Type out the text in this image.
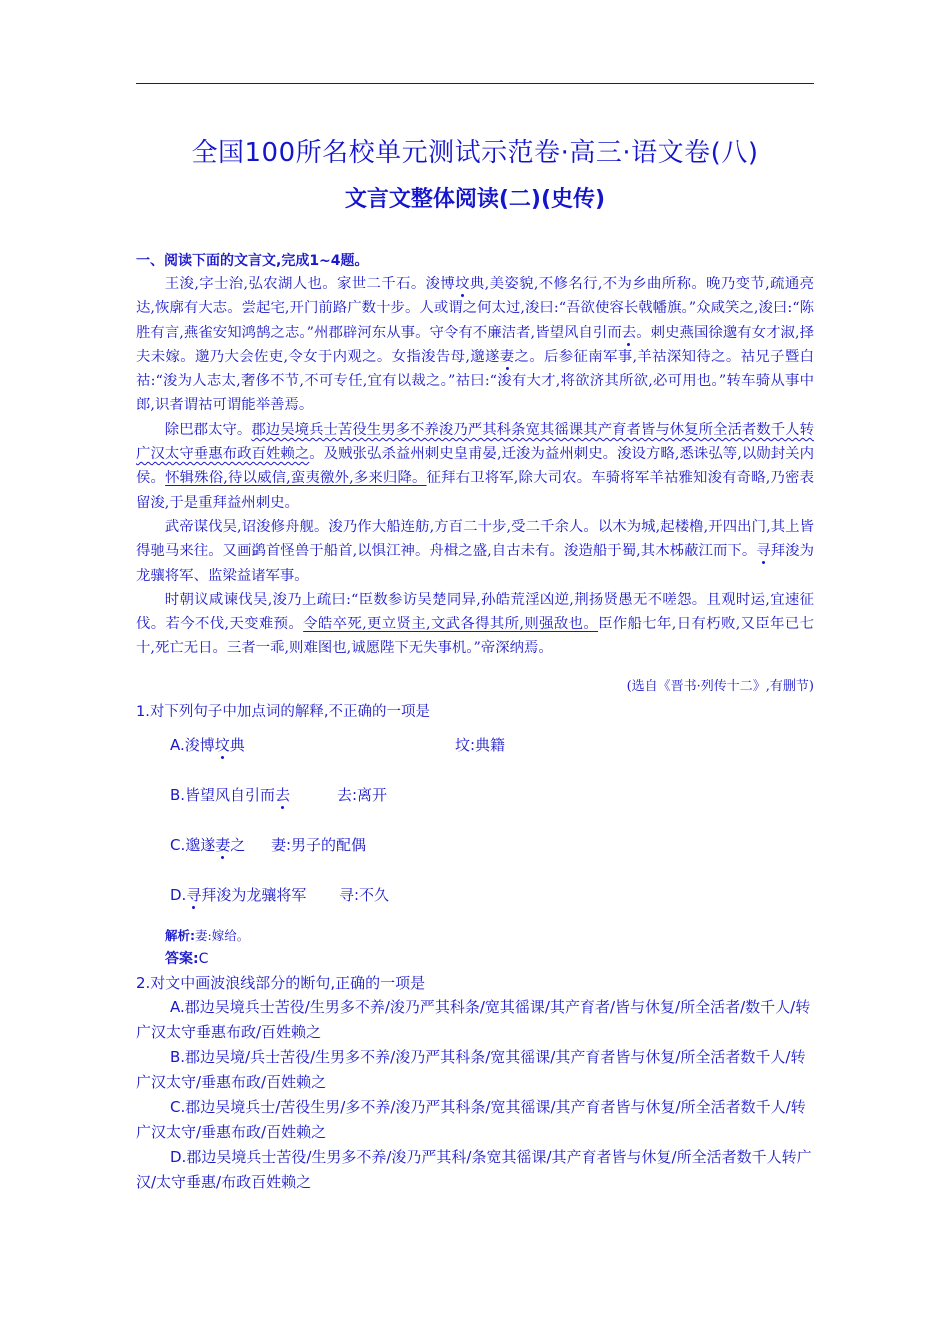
全国100所名校单元测试示范卷·高三·语文卷(八)
文言文整体阅读(二)(史传)
一、阅读下面的文言文,完成1~4题。

王浚,字士治,弘农湖人也。家世二千石。浚博坟典,美姿貌,不修名行,不为乡曲所称。晚乃变节,疏通亮达,恢廓有大志。尝起宅,开门前路广数十步。人或谓之何太过,浚曰:“吾欲使容长戟幡旗。”众咸笑之,浚曰:“陈胜有言,燕雀安知鸿鹄之志。”州郡辟河东从事。守令有不廉洁者,皆望风自引而去。刺史燕国徐邈有女才淑,择夫未嫁。邈乃大会佐吏,令女于内观之。女指浚告母,邈遂妻之。后参征南军事,羊祜深知待之。祜兄子暨白祜:“浚为人志太,奢侈不节,不可专任,宜有以裁之。”祜曰:“浚有大才,将欲济其所欲,必可用也。”转车骑从事中郎,识者谓祜可谓能举善焉。

除巴郡太守。郡边吴境兵士苦役生男多不养浚乃严其科条宽其徭课其产育者皆与休复所全活者数千人转广汉太守垂惠布政百姓赖之。及贼张弘杀益州刺史皇甫晏,迁浚为益州刺史。浚设方略,悉诛弘等,以勋封关内侯。怀辑殊俗,待以威信,蛮夷徼外,多来归降。征拜右卫将军,除大司农。车骑将军羊祜雅知浚有奇略,乃密表留浚,于是重拜益州刺史。

武帝谋伐吴,诏浚修舟舰。浚乃作大船连舫,方百二十步,受二千余人。以木为城,起楼橹,开四出门,其上皆得驰马来往。又画鹢首怪兽于船首,以惧江神。舟楫之盛,自古未有。浚造船于蜀,其木柹蔽江而下。寻拜浚为龙骧将军、监梁益诸军事。

时朝议咸谏伐吴,浚乃上疏曰:“臣数参访吴楚同异,孙皓荒淫凶逆,荆扬贤愚无不嗟怨。且观时运,宜速征伐。若今不伐,天变难预。令皓卒死,更立贤主,文武各得其所,则强敌也。臣作船七年,日有朽败,又臣年已七十,死亡无日。三者一乖,则难图也,诚愿陛下无失事机。”帝深纳焉。

(选自《晋书·列传十二》,有删节)
1.对下列句子中加点词的解释,不正确的一项是
A.浚博坟典	坟:典籍
B.皆望风自引而去	去:离开
C.邈遂妻之 妻:男子的配偶
D.寻拜浚为龙骧将军 寻:不久
解析:妻:嫁给。
答案:C
2.对文中画波浪线部分的断句,正确的一项是

A.郡边吴境兵士苦役/生男多不养/浚乃严其科条/宽其徭课/其产育者/皆与休复/所全活者/数千人/转广汉太守垂惠布政/百姓赖之

B.郡边吴境/兵士苦役/生男多不养/浚乃严其科条/宽其徭课/其产育者皆与休复/所全活者数千人/转广汉太守/垂惠布政/百姓赖之

C.郡边吴境兵士/苦役生男/多不养/浚乃严其科条/宽其徭课/其产育者皆与休复/所全活者数千人/转广汉太守/垂惠布政/百姓赖之

D.郡边吴境兵士苦役/生男多不养/浚乃严其科/条宽其徭课/其产育者皆与休复/所全活者数千人转广汉/太守垂惠/布政百姓赖之
